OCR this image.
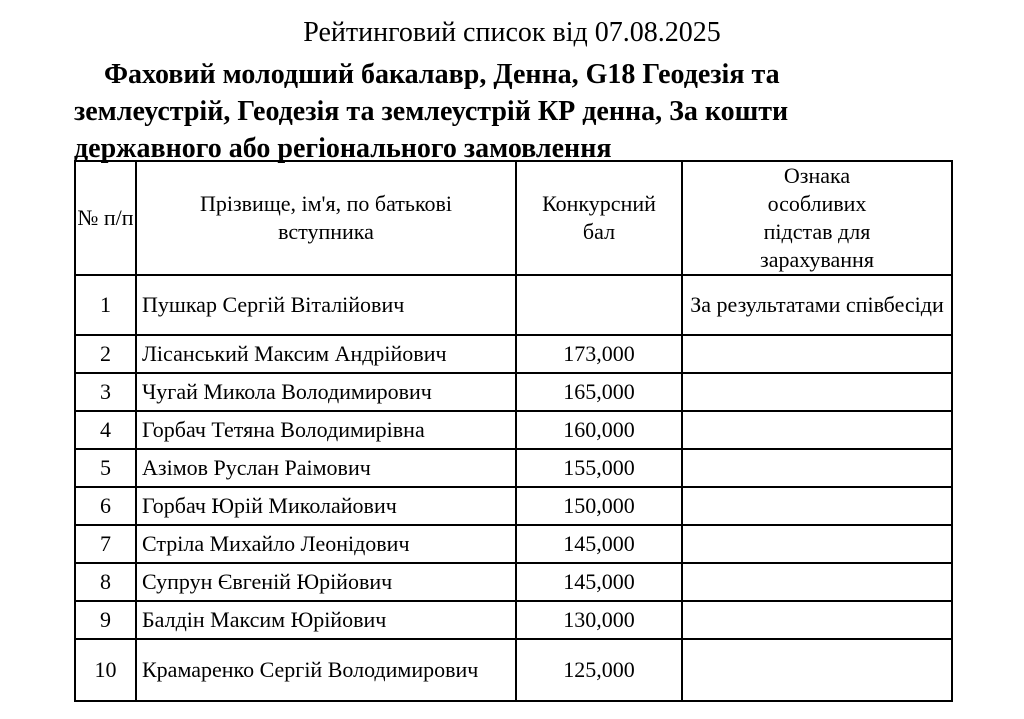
Рейтинговий список від 07.08.2025
Фаховий молодший бакалавр, Денна, G18 Геодезія та
землеустрій, Геодезія та землеустрій КР денна, За кошти
державного або регіонального замовлення
№ п/п	Прізвище, ім'я, по батькові вступника	Конкурсний бал	Ознака особливих підстав для зарахування
1	Пушкар Сергій Віталійович		За результатами співбесіди
2	Лісанський Максим Андрійович	173,000	
3	Чугай Микола Володимирович	165,000	
4	Горбач Тетяна Володимирівна	160,000	
5	Азімов Руслан Раімович	155,000	
6	Горбач Юрій Миколайович	150,000	
7	Стріла Михайло Леонідович	145,000	
8	Супрун Євгеній Юрійович	145,000	
9	Балдін Максим Юрійович	130,000	
10	Крамаренко Сергій Володимирович	125,000	
